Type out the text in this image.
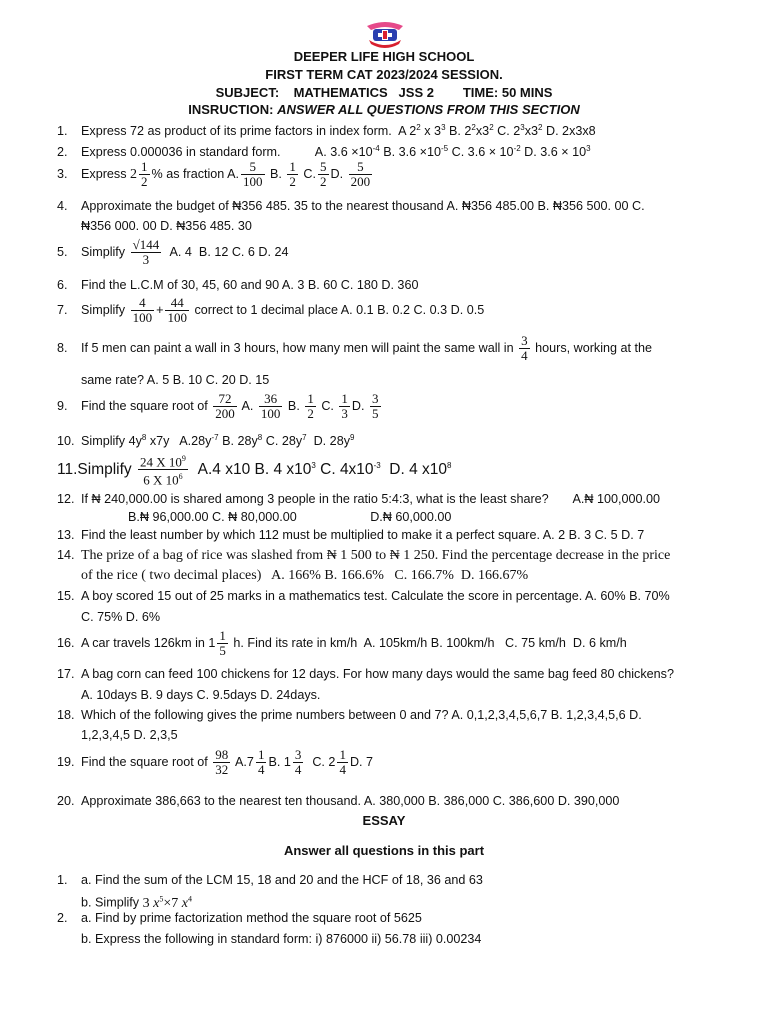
DEEPER LIFE HIGH SCHOOL
FIRST TERM CAT 2023/2024 SESSION.
SUBJECT:    MATHEMATICS   JSS 2        TIME: 50 MINS
INSRUCTION: ANSWER ALL QUESTIONS FROM THIS SECTION
1. Express 72 as product of its prime factors in index form.  A $2^2$ x $3^3$ B. $2^2x3^2$ C. $2^3x3^2$ D. 2x3x8
2. Express 0.000036 in standard form.          A. $3.6 \times 10^{-4}$ B. $3.6 \times 10^{-5}$ C. $3.6 \times 10^{-2}$ D. $3.6 \times 10^3$
3. Express $2 \frac{1}{2}$ % as fraction A. $\frac{5}{100} B$. $\frac{1}{2} C$. $\frac{5}{2} D$. $\frac{5}{200}$
4. Approximate the budget of ₦356 485. 35 to the nearest thousand A. ₦356 485.00 B. ₦356 500. 00 C.
₦356 000. 00 D. ₦356 485. 30
5. Simplify $\frac{√144}{3} A$. 4  B. 12 C. 6 D. 24
6. Find the L.C.M of 30, 45, 60 and 90 A. 3 B. 60 C. 180 D. 360
7. Simplify $\frac{4}{100} + \frac{44}{100}$ correct to 1 decimal place A. 0.1 B. 0.2 C. 0.3 D. 0.5
8. If 5 men can paint a wall in 3 hours, how many men will paint the same wall in $\frac{3}{4}$ hours, working at the
same rate? A. 5 B. 10 C. 20 D. 15
9. Find the square root of $\frac{72}{200} A$. $\frac{36}{100} B$. $\frac{1}{2} C$. $\frac{1}{3} D$. $\frac{3}{5}$
10. Simplify $4y^8$ x7y   $A.28y^{-7}$ B. $28y^8$ C. $28y^7$  D. $28y^9$
11.Simplify $\frac{24 X 10^9}{6 X 10^6} A.4$ x10 B. 4 $x10^3$ C. $4x10^{-3}$  D. 4 $x10^8$
12. If ₦ 240,000.00 is shared among 3 people in the ratio 5:4:3, what is the least share?       A.₦ 100,000.00
B.₦ 96,000.00 C. ₦ 80,000.00                     D.₦ 60,000.00
13. Find the least number by which 112 must be multiplied to make it a perfect square. A. 2 B. 3 C. 5 D. 7
14. The prize of a bag of rice was slashed from ₦ 1 500 to ₦ 1 250. Find the percentage decrease in the price
of the rice ( two decimal places)   A. 166% B. 166.6%   C. 166.7%  D. 166.67%
15. A boy scored 15 out of 25 marks in a mathematics test. Calculate the score in percentage. A. 60% B. 70%
C. 75% D. 6%
16. A car travels 126km in $1 \frac{1}{5} h$. Find its rate in km/h  A. 105km/h B. 100km/h   C. 75 km/h  D. 6 km/h
17. A bag corn can feed 100 chickens for 12 days. For how many days would the same bag feed 80 chickens?
A. 10days B. 9 days C. 9.5days D. 24days.
18. Which of the following gives the prime numbers between 0 and 7? A. 0,1,2,3,4,5,6,7 B. 1,2,3,4,5,6 D.
1,2,3,4,5 D. 2,3,5
19. Find the square root of $\frac{98}{32} A.7 \frac{1}{4} B$. $1 \frac{3}{4} C$. $2 \frac{1}{4} D$. 7
20. Approximate 386,663 to the nearest ten thousand. A. 380,000 B. 386,000 C. 386,600 D. 390,000
ESSAY
Answer all questions in this part
1. a. Find the sum of the LCM 15, 18 and 20 and the HCF of 18, 36 and 63
b. Simplify 3 $x^5\times 7$ $x^4$
2. a. Find by prime factorization method the square root of 5625
b. Express the following in standard form: i) 876000 ii) 56.78 iii) 0.00234
